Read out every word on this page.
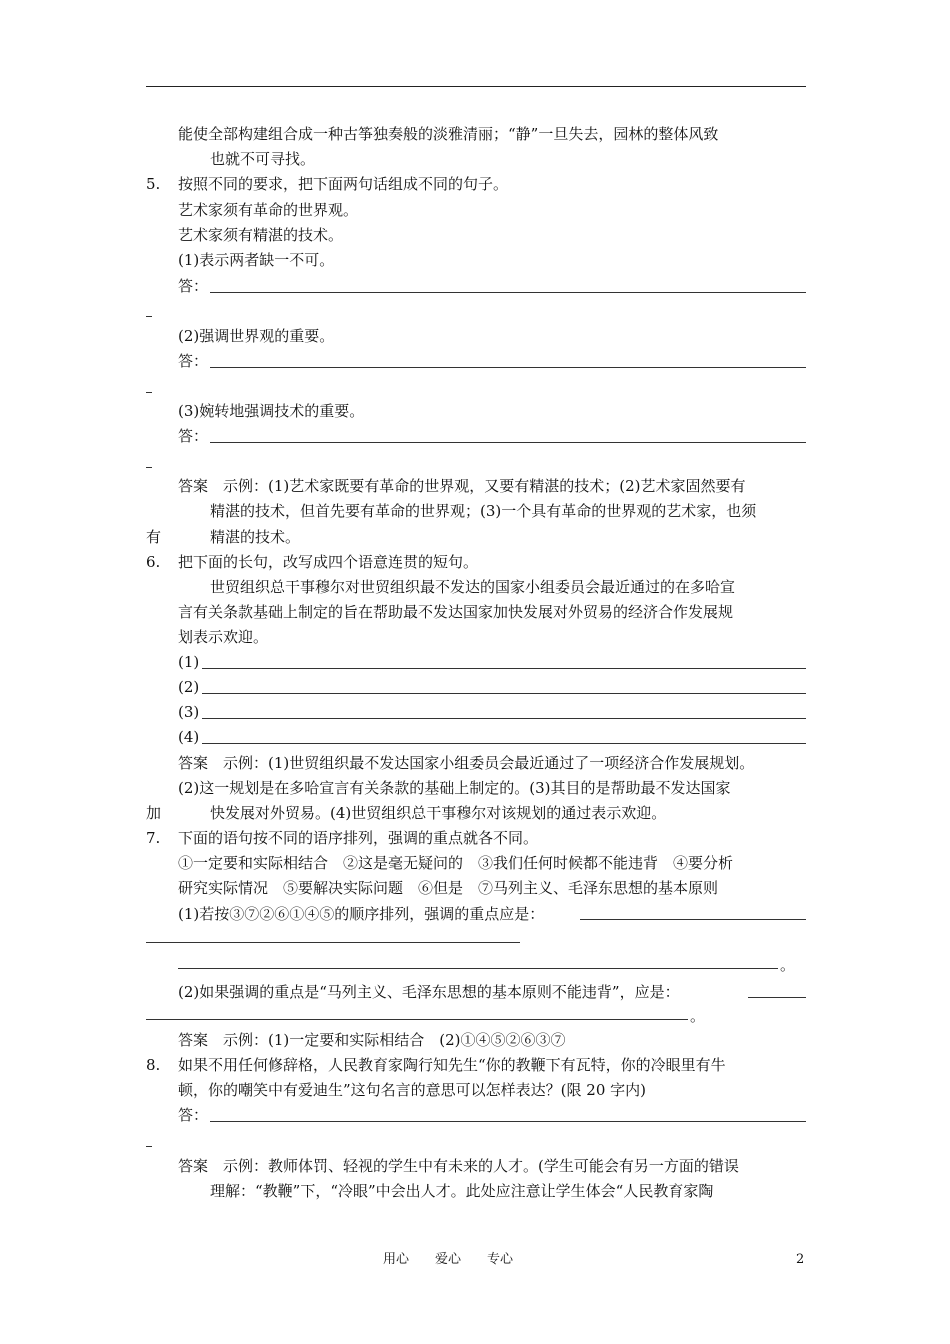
能使全部构建组合成一种古筝独奏般的淡雅清丽；“静”一旦失去，园林的整体风致
也就不可寻找。
5. 按照不同的要求，把下面两句话组成不同的句子。
艺术家须有革命的世界观。
艺术家须有精湛的技术。
(1)表示两者缺一不可。
答：
(2)强调世界观的重要。
答：
(3)婉转地强调技术的重要。
答：
答案　示例：(1)艺术家既要有革命的世界观，又要有精湛的技术；(2)艺术家固然要有
精湛的技术，但首先要有革命的世界观；(3)一个具有革命的世界观的艺术家，也须
有	精湛的技术。
6. 把下面的长句，改写成四个语意连贯的短句。
世贸组织总干事穆尔对世贸组织最不发达的国家小组委员会最近通过的在多哈宣
言有关条款基础上制定的旨在帮助最不发达国家加快发展对外贸易的经济合作发展规
划表示欢迎。
(1)
(2)
(3)
(4)
答案　示例：(1)世贸组织最不发达国家小组委员会最近通过了一项经济合作发展规划。
(2)这一规划是在多哈宣言有关条款的基础上制定的。(3)其目的是帮助最不发达国家
加	快发展对外贸易。(4)世贸组织总干事穆尔对该规划的通过表示欢迎。
7. 下面的语句按不同的语序排列，强调的重点就各不同。
①一定要和实际相结合　②这是毫无疑问的　③我们任何时候都不能违背　④要分析
研究实际情况　⑤要解决实际问题　⑥但是　⑦马列主义、毛泽东思想的基本原则
(1)若按③⑦②⑥①④⑤的顺序排列，强调的重点应是：
。
(2)如果强调的重点是“马列主义、毛泽东思想的基本原则不能违背”，应是：
。
答案　示例：(1)一定要和实际相结合　(2)①④⑤②⑥③⑦
8. 如果不用任何修辞格，人民教育家陶行知先生“你的教鞭下有瓦特，你的冷眼里有牛
顿，你的嘲笑中有爱迪生”这句名言的意思可以怎样表达？(限 20 字内)
答：
答案　示例：教师体罚、轻视的学生中有未来的人才。(学生可能会有另一方面的错误
理解：“教鞭”下，“冷眼”中会出人才。此处应注意让学生体会“人民教育家陶
用心　　爱心　　专心	2
